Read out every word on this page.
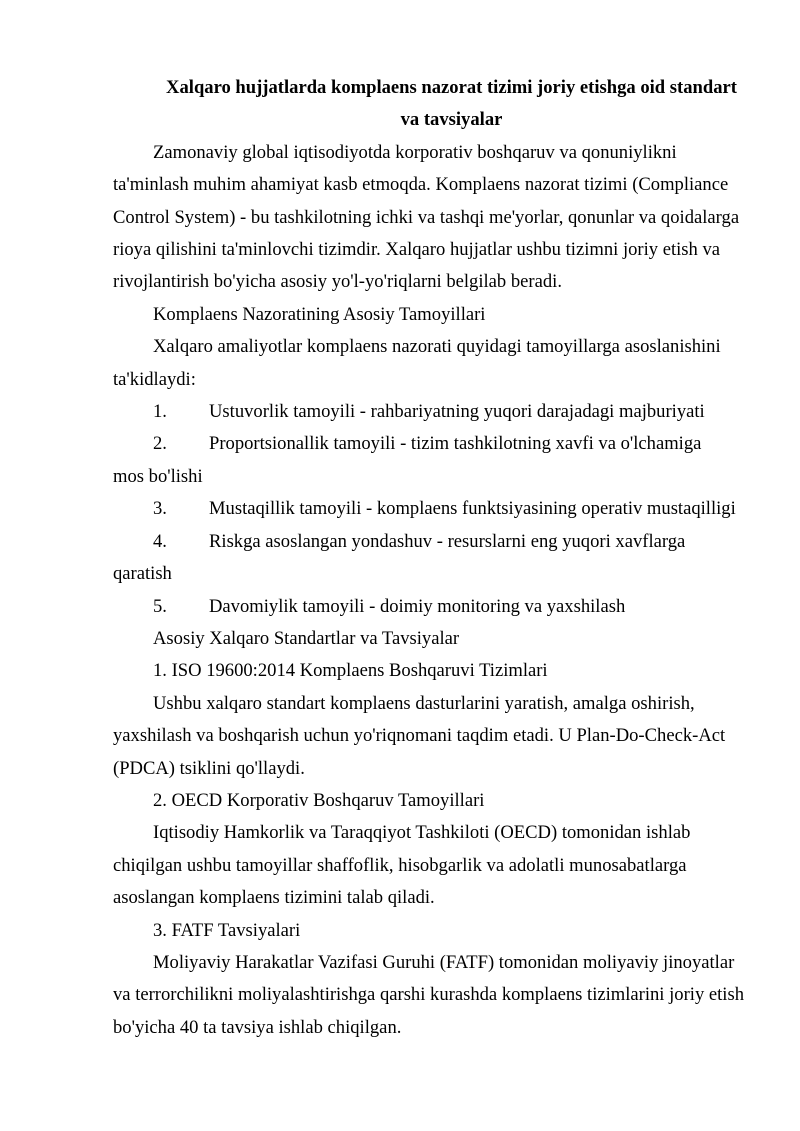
Xalqaro hujjatlarda komplaens nazorat tizimi joriy etishga oid standart va tavsiyalar

Zamonaviy global iqtisodiyotda korporativ boshqaruv va qonuniylikni ta'minlash muhim ahamiyat kasb etmoqda. Komplaens nazorat tizimi (Compliance Control System) - bu tashkilotning ichki va tashqi me'yorlar, qonunlar va qoidalarga rioya qilishini ta'minlovchi tizimdir. Xalqaro hujjatlar ushbu tizimni joriy etish va rivojlantirish bo'yicha asosiy yo'l-yo'riqlarni belgilab beradi.

Komplaens Nazoratining Asosiy Tamoyillari

Xalqaro amaliyotlar komplaens nazorati quyidagi tamoyillarga asoslanishini ta'kidlaydi:

1. Ustuvorlik tamoyili - rahbariyatning yuqori darajadagi majburiyati

2. Proportsionallik tamoyili - tizim tashkilotning xavfi va o'lchamiga
mos bo'lishi

3. Mustaqillik tamoyili - komplaens funktsiyasining operativ mustaqilligi

4. Riskga asoslangan yondashuv - resurslarni eng yuqori xavflarga
qaratish

5. Davomiylik tamoyili - doimiy monitoring va yaxshilash

Asosiy Xalqaro Standartlar va Tavsiyalar

1. ISO 19600:2014 Komplaens Boshqaruvi Tizimlari

Ushbu xalqaro standart komplaens dasturlarini yaratish, amalga oshirish, yaxshilash va boshqarish uchun yo'riqnomani taqdim etadi. U Plan-Do-Check-Act (PDCA) tsiklini qo'llaydi.

2. OECD Korporativ Boshqaruv Tamoyillari

Iqtisodiy Hamkorlik va Taraqqiyot Tashkiloti (OECD) tomonidan ishlab chiqilgan ushbu tamoyillar shaffoflik, hisobgarlik va adolatli munosabatlarga asoslangan komplaens tizimini talab qiladi.

3. FATF Tavsiyalari

Moliyaviy Harakatlar Vazifasi Guruhi (FATF) tomonidan moliyaviy jinoyatlar va terrorchilikni moliyalashtirishga qarshi kurashda komplaens tizimlarini joriy etish bo'yicha 40 ta tavsiya ishlab chiqilgan.
